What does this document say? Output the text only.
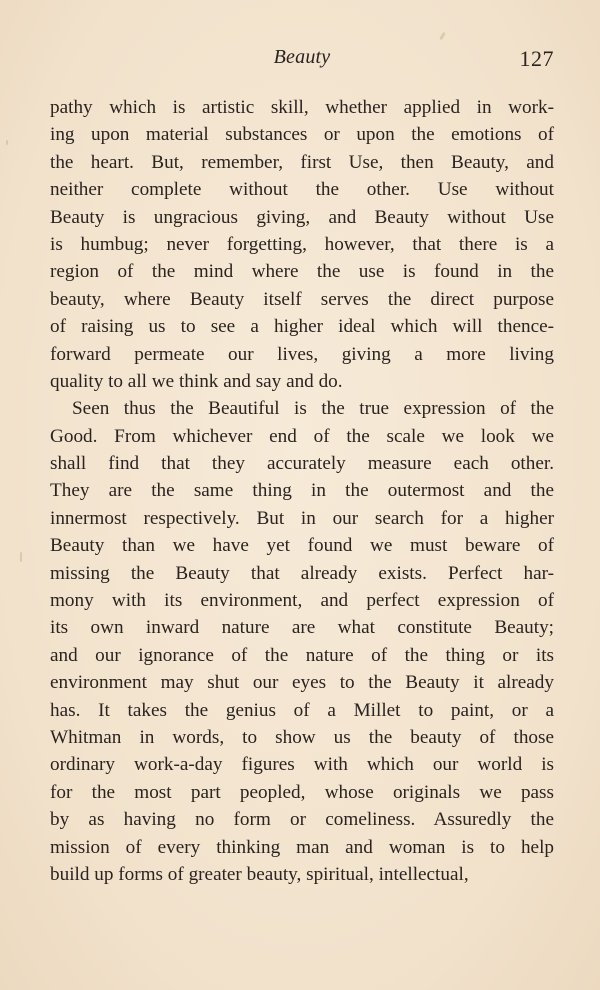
Beauty	127
pathy which is artistic skill, whether applied in work-
ing upon material substances or upon the emotions of
the heart. But, remember, first Use, then Beauty, and
neither complete without the other. Use without
Beauty is ungracious giving, and Beauty without Use
is humbug; never forgetting, however, that there is a
region of the mind where the use is found in the
beauty, where Beauty itself serves the direct purpose
of raising us to see a higher ideal which will thence-
forward permeate our lives, giving a more living
quality to all we think and say and do.
Seen thus the Beautiful is the true expression of the
Good. From whichever end of the scale we look we
shall find that they accurately measure each other.
They are the same thing in the outermost and the
innermost respectively. But in our search for a higher
Beauty than we have yet found we must beware of
missing the Beauty that already exists. Perfect har-
mony with its environment, and perfect expression of
its own inward nature are what constitute Beauty;
and our ignorance of the nature of the thing or its
environment may shut our eyes to the Beauty it already
has. It takes the genius of a Millet to paint, or a
Whitman in words, to show us the beauty of those
ordinary work-a-day figures with which our world is
for the most part peopled, whose originals we pass
by as having no form or comeliness. Assuredly the
mission of every thinking man and woman is to help
build up forms of greater beauty, spiritual, intellectual,
